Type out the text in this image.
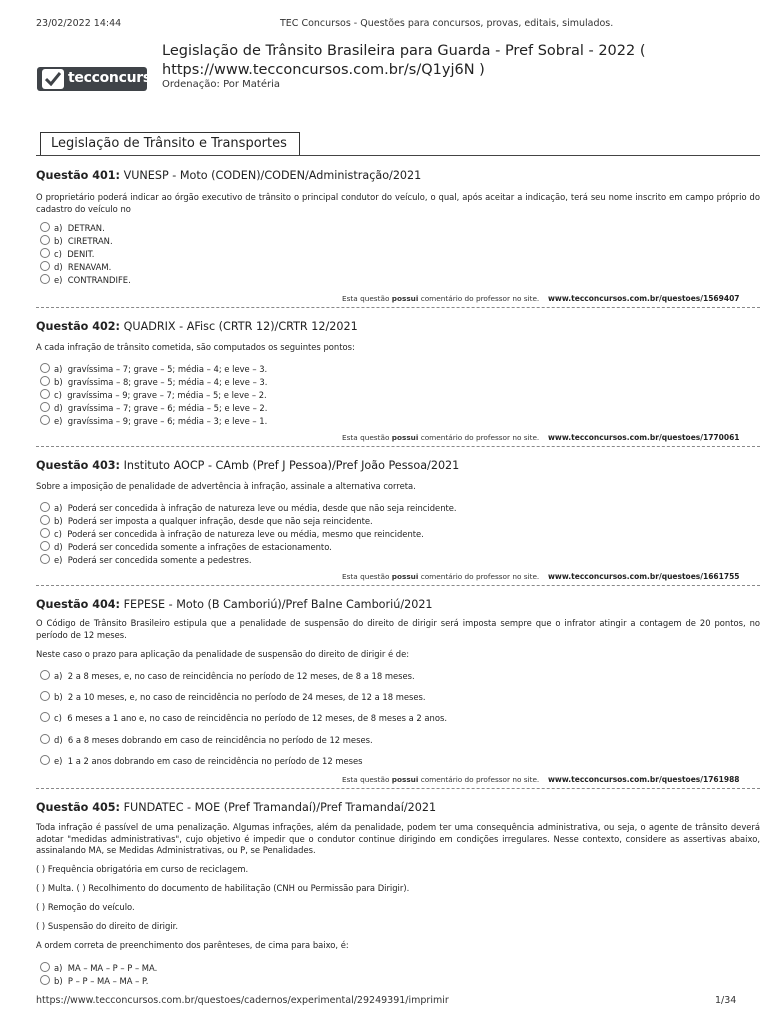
23/02/2022 14:44	TEC Concursos - Questões para concursos, provas, editais, simulados.
tecconcursos
Legislação de Trânsito Brasileira para Guarda - Pref Sobral - 2022 ( https://www.tecconcursos.com.br/s/Q1yj6N )
Ordenação: Por Matéria
Legislação de Trânsito e Transportes
Questão 401: VUNESP - Moto (CODEN)/CODEN/Administração/2021
O proprietário poderá indicar ao órgão executivo de trânsito o principal condutor do veículo, o qual, após aceitar a indicação, terá seu nome inscrito em campo próprio do cadastro do veículo no
a) DETRAN.
b) CIRETRAN.
c) DENIT.
d) RENAVAM.
e) CONTRANDIFE.
Esta questão possui comentário do professor no site. www.tecconcursos.com.br/questoes/1569407
Questão 402: QUADRIX - AFisc (CRTR 12)/CRTR 12/2021
A cada infração de trânsito cometida, são computados os seguintes pontos:
a) gravíssima – 7; grave – 5; média – 4; e leve – 3.
b) gravíssima – 8; grave – 5; média – 4; e leve – 3.
c) gravíssima – 9; grave – 7; média – 5; e leve – 2.
d) gravíssima – 7; grave – 6; média – 5; e leve – 2.
e) gravíssima – 9; grave – 6; média – 3; e leve – 1.
Esta questão possui comentário do professor no site. www.tecconcursos.com.br/questoes/1770061
Questão 403: Instituto AOCP - CAmb (Pref J Pessoa)/Pref João Pessoa/2021
Sobre a imposição de penalidade de advertência à infração, assinale a alternativa correta.
a) Poderá ser concedida à infração de natureza leve ou média, desde que não seja reincidente.
b) Poderá ser imposta a qualquer infração, desde que não seja reincidente.
c) Poderá ser concedida à infração de natureza leve ou média, mesmo que reincidente.
d) Poderá ser concedida somente a infrações de estacionamento.
e) Poderá ser concedida somente a pedestres.
Esta questão possui comentário do professor no site. www.tecconcursos.com.br/questoes/1661755
Questão 404: FEPESE - Moto (B Camboriú)/Pref Balne Camboriú/2021
O Código de Trânsito Brasileiro estipula que a penalidade de suspensão do direito de dirigir será imposta sempre que o infrator atingir a contagem de 20 pontos, no período de 12 meses.
Neste caso o prazo para aplicação da penalidade de suspensão do direito de dirigir é de:
a) 2 a 8 meses, e, no caso de reincidência no período de 12 meses, de 8 a 18 meses.
b) 2 a 10 meses, e, no caso de reincidência no período de 24 meses, de 12 a 18 meses.
c) 6 meses a 1 ano e, no caso de reincidência no período de 12 meses, de 8 meses a 2 anos.
d) 6 a 8 meses dobrando em caso de reincidência no período de 12 meses.
e) 1 a 2 anos dobrando em caso de reincidência no período de 12 meses
Esta questão possui comentário do professor no site. www.tecconcursos.com.br/questoes/1761988
Questão 405: FUNDATEC - MOE (Pref Tramandaí)/Pref Tramandaí/2021
Toda infração é passível de uma penalização. Algumas infrações, além da penalidade, podem ter uma consequência administrativa, ou seja, o agente de trânsito deverá adotar "medidas administrativas", cujo objetivo é impedir que o condutor continue dirigindo em condições irregulares. Nesse contexto, considere as assertivas abaixo, assinalando MA, se Medidas Administrativas, ou P, se Penalidades.
( ) Frequência obrigatória em curso de reciclagem.
( ) Multa. ( ) Recolhimento do documento de habilitação (CNH ou Permissão para Dirigir).
( ) Remoção do veículo.
( ) Suspensão do direito de dirigir.
A ordem correta de preenchimento dos parênteses, de cima para baixo, é:
a) MA – MA – P – P – MA.
b) P – P – MA – MA – P.
https://www.tecconcursos.com.br/questoes/cadernos/experimental/29249391/imprimir	1/34
